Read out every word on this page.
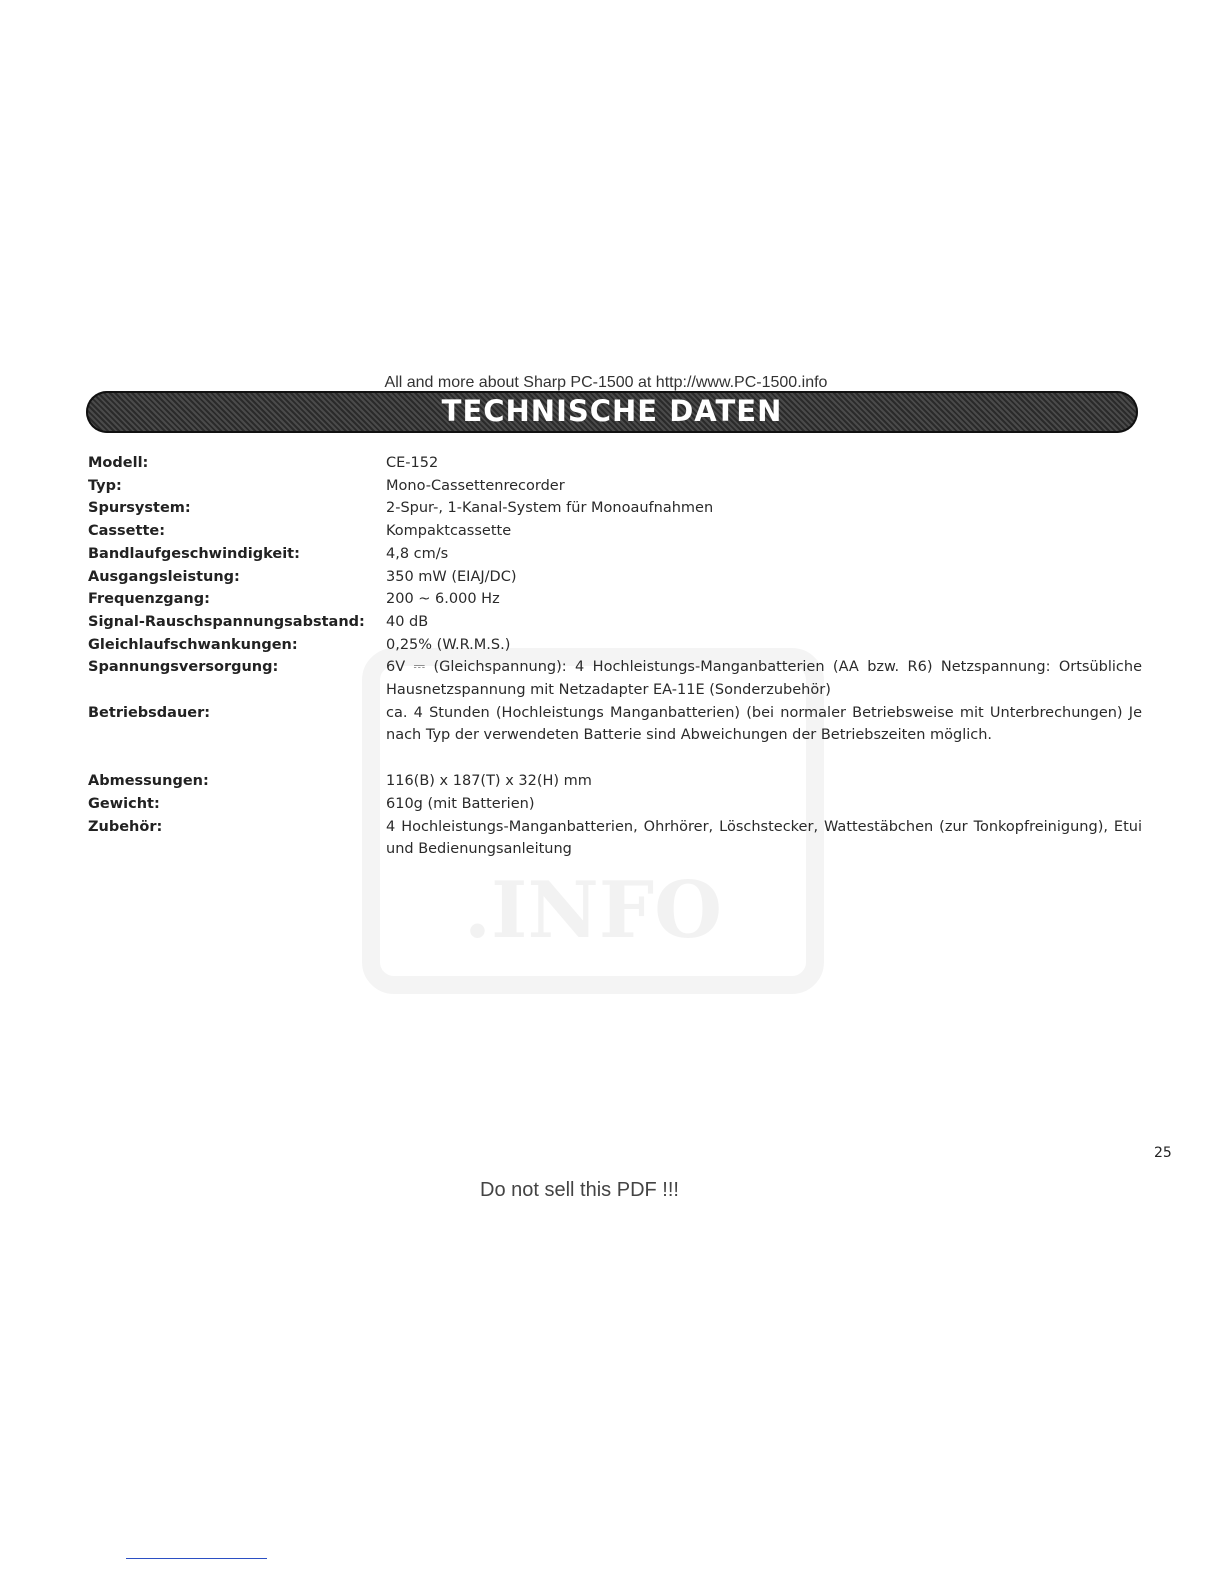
All and more about Sharp PC-1500 at http://www.PC-1500.info
TECHNISCHE DATEN
.INFO
Modell:	CE-152
Typ:	Mono-Cassettenrecorder
Spursystem:	2-Spur-, 1-Kanal-System für Monoaufnahmen
Cassette:	Kompaktcassette
Bandlaufgeschwindigkeit:	4,8 cm/s
Ausgangsleistung:	350 mW (EIAJ/DC)
Frequenzgang:	200 ~ 6.000 Hz
Signal-Rauschspannungsabstand:	40 dB
Gleichlaufschwankungen:	0,25% (W.R.M.S.)
Spannungsversorgung:	6V ⎓ (Gleichspannung): 4 Hochleistungs-Manganbatterien (AA bzw. R6) Netzspannung: Ortsübliche Hausnetzspannung mit Netzadapter EA-11E (Sonderzubehör)
Betriebsdauer:	ca. 4 Stunden (Hochleistungs Manganbatterien) (bei normaler Betriebsweise mit Unterbrechungen) Je nach Typ der verwendeten Batterie sind Abweichungen der Betriebszeiten möglich.
Abmessungen:	116(B) x 187(T) x 32(H) mm
Gewicht:	610g (mit Batterien)
Zubehör:	4 Hochleistungs-Manganbatterien, Ohrhörer, Löschstecker, Wattestäbchen (zur Tonkopfreinigung), Etui und Bedienungsanleitung
25
Do not sell this PDF !!!
